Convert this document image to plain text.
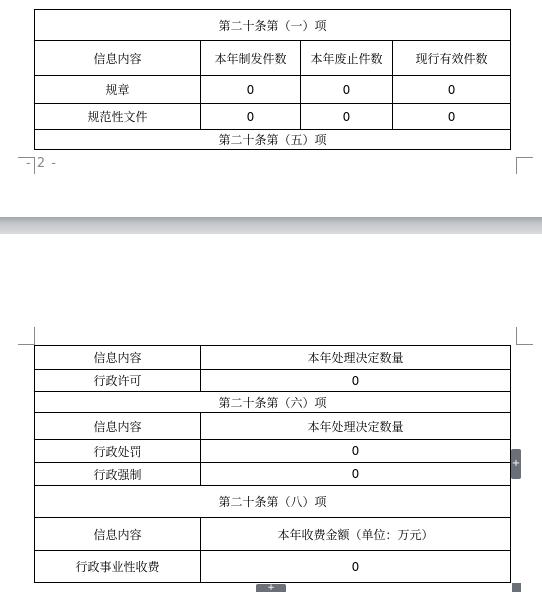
第二十条第（一）项			
信息内容	本年制发件数	本年废止件数	现行有效件数
规章	0	0	0
规范性文件	0	0	0
第二十条第（五）项			
- 2 -
信息内容	本年处理决定数量
行政许可	0
第二十条第（六）项	
信息内容	本年处理决定数量
行政处罚	0
行政强制	0
第二十条第（八）项	
信息内容	本年收费金额（单位：万元）
行政事业性收费	0
+
+
